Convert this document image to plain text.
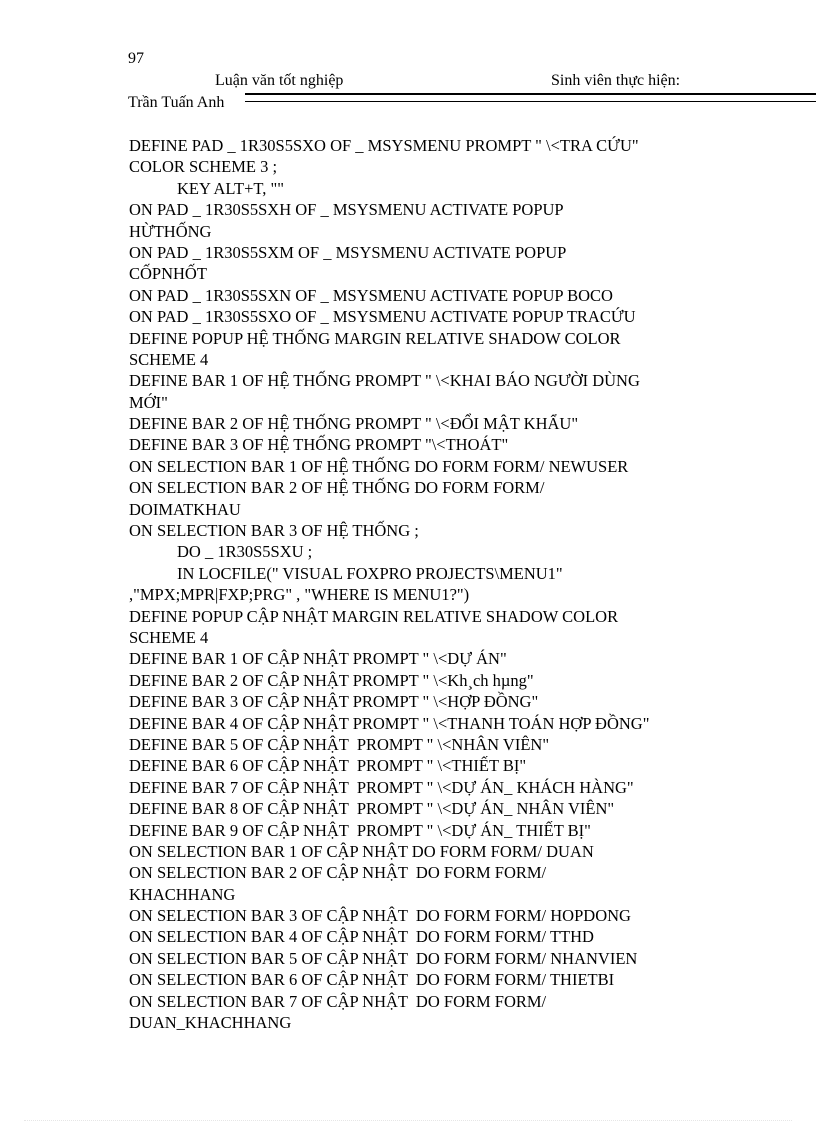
97
Luận văn tốt nghiệp	Sinh viên thực hiện:
Trần Tuấn Anh
DEFINE PAD _ 1R30S5SXO OF _ MSYSMENU PROMPT " \<TRA CỨU"
COLOR SCHEME 3 ;
KEY ALT+T, ""
ON PAD _ 1R30S5SXH OF _ MSYSMENU ACTIVATE POPUP
HỪTHỐNG
ON PAD _ 1R30S5SXM OF _ MSYSMENU ACTIVATE POPUP
CỐPNHỐT
ON PAD _ 1R30S5SXN OF _ MSYSMENU ACTIVATE POPUP BOCO
ON PAD _ 1R30S5SXO OF _ MSYSMENU ACTIVATE POPUP TRACỨU
DEFINE POPUP HỆ THỐNG MARGIN RELATIVE SHADOW COLOR
SCHEME 4
DEFINE BAR 1 OF HỆ THỐNG PROMPT " \<KHAI BÁO NGƯỜI DÙNG
MỚI"
DEFINE BAR 2 OF HỆ THỐNG PROMPT " \<ĐỔI MẬT KHẨU"
DEFINE BAR 3 OF HỆ THỐNG PROMPT "\<THOÁT"
ON SELECTION BAR 1 OF HỆ THỐNG DO FORM FORM/ NEWUSER
ON SELECTION BAR 2 OF HỆ THỐNG DO FORM FORM/
DOIMATKHAU
ON SELECTION BAR 3 OF HỆ THỐNG ;
DO _ 1R30S5SXU ;
IN LOCFILE(" VISUAL FOXPRO PROJECTS\MENU1"
,"MPX;MPR|FXP;PRG" , "WHERE IS MENU1?")
DEFINE POPUP CẬP NHẬT MARGIN RELATIVE SHADOW COLOR
SCHEME 4
DEFINE BAR 1 OF CẬP NHẬT PROMPT " \<DỰ ÁN"
DEFINE BAR 2 OF CẬP NHẬT PROMPT " \<Kh¸ch hµng"
DEFINE BAR 3 OF CẬP NHẬT PROMPT " \<HỢP ĐỒNG"
DEFINE BAR 4 OF CẬP NHẬT PROMPT " \<THANH TOÁN HỢP ĐỒNG"
DEFINE BAR 5 OF CẬP NHẬT  PROMPT " \<NHÂN VIÊN"
DEFINE BAR 6 OF CẬP NHẬT  PROMPT " \<THIẾT BỊ"
DEFINE BAR 7 OF CẬP NHẬT  PROMPT " \<DỰ ÁN_ KHÁCH HÀNG"
DEFINE BAR 8 OF CẬP NHẬT  PROMPT " \<DỰ ÁN_ NHÂN VIÊN"
DEFINE BAR 9 OF CẬP NHẬT  PROMPT " \<DỰ ÁN_ THIẾT BỊ"
ON SELECTION BAR 1 OF CẬP NHẬT DO FORM FORM/ DUAN
ON SELECTION BAR 2 OF CẬP NHẬT  DO FORM FORM/
KHACHHANG
ON SELECTION BAR 3 OF CẬP NHẬT  DO FORM FORM/ HOPDONG
ON SELECTION BAR 4 OF CẬP NHẬT  DO FORM FORM/ TTHD
ON SELECTION BAR 5 OF CẬP NHẬT  DO FORM FORM/ NHANVIEN
ON SELECTION BAR 6 OF CẬP NHẬT  DO FORM FORM/ THIETBI
ON SELECTION BAR 7 OF CẬP NHẬT  DO FORM FORM/
DUAN_KHACHHANG
